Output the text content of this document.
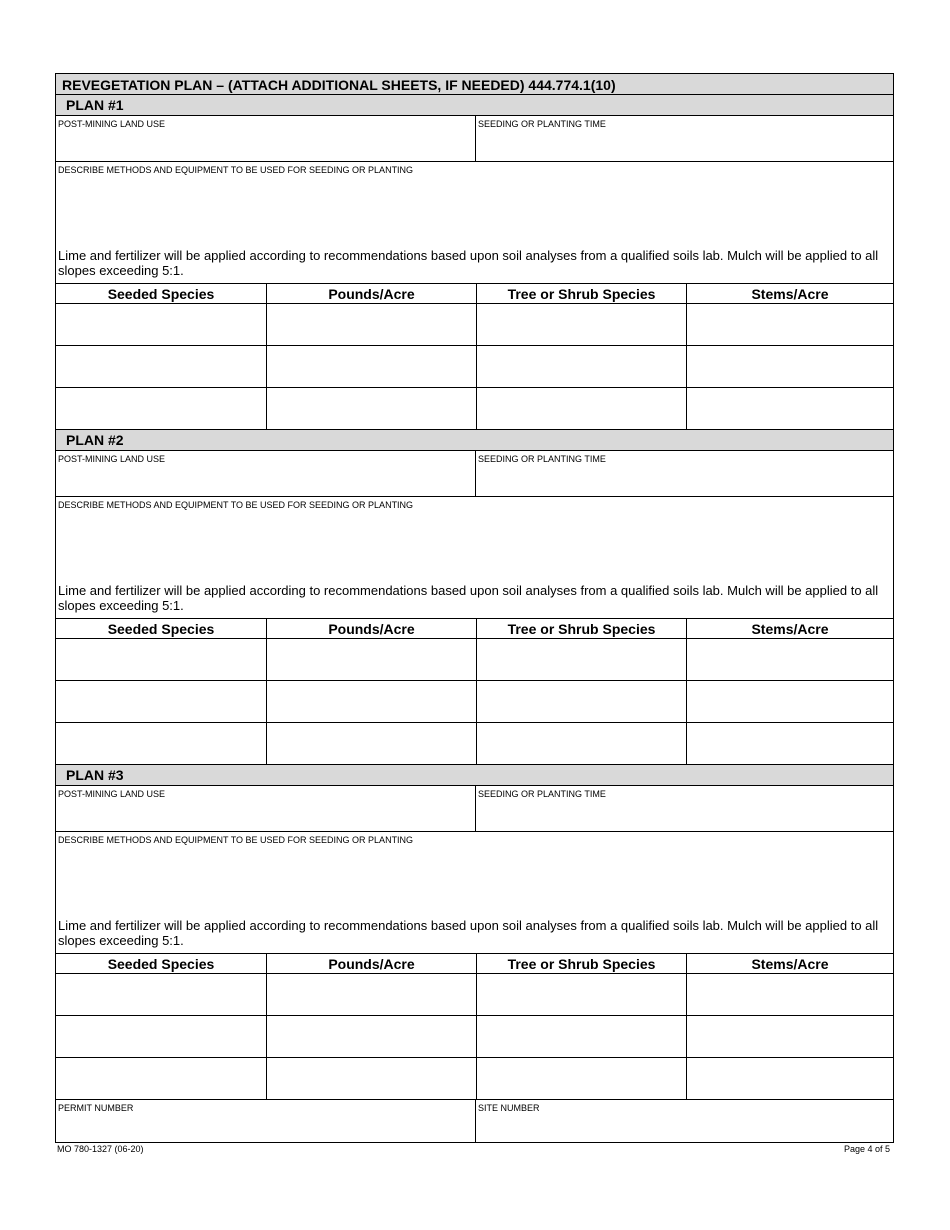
REVEGETATION PLAN – (ATTACH ADDITIONAL SHEETS, IF NEEDED) 444.774.1(10)
PLAN #1
POST-MINING LAND USE	SEEDING OR PLANTING TIME
DESCRIBE METHODS AND EQUIPMENT TO BE USED FOR SEEDING OR PLANTING
Lime and fertilizer will be applied according to recommendations based upon soil analyses from a qualified soils lab. Mulch will be applied to all slopes exceeding 5:1.
Seeded Species	Pounds/Acre	Tree or Shrub Species	Stems/Acre
PLAN #2
POST-MINING LAND USE	SEEDING OR PLANTING TIME
DESCRIBE METHODS AND EQUIPMENT TO BE USED FOR SEEDING OR PLANTING
Lime and fertilizer will be applied according to recommendations based upon soil analyses from a qualified soils lab. Mulch will be applied to all slopes exceeding 5:1.
Seeded Species	Pounds/Acre	Tree or Shrub Species	Stems/Acre
PLAN #3
POST-MINING LAND USE	SEEDING OR PLANTING TIME
DESCRIBE METHODS AND EQUIPMENT TO BE USED FOR SEEDING OR PLANTING
Lime and fertilizer will be applied according to recommendations based upon soil analyses from a qualified soils lab. Mulch will be applied to all slopes exceeding 5:1.
Seeded Species	Pounds/Acre	Tree or Shrub Species	Stems/Acre
PERMIT NUMBER	SITE NUMBER
MO 780-1327 (06-20)	Page 4 of 5
